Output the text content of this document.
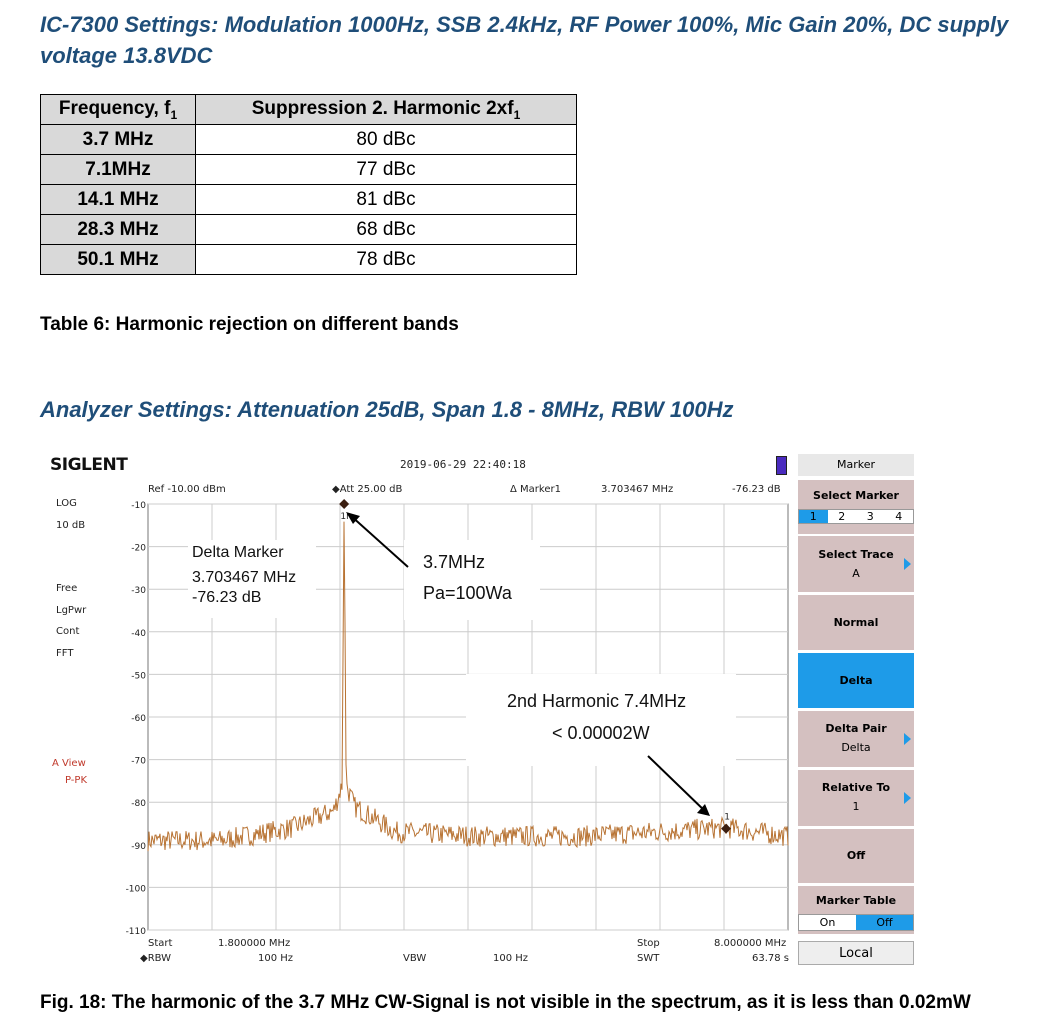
IC-7300 Settings: Modulation 1000Hz, SSB 2.4kHz, RF Power 100%, Mic Gain 20%, DC supply
voltage 13.8VDC
Frequency, $f_1$	Suppression 2. Harmonic $2xf_1$
3.7 MHz	80 dBc
7.1MHz	77 dBc
14.1 MHz	81 dBc
28.3 MHz	68 dBc
50.1 MHz	78 dBc
Table 6: Harmonic rejection on different bands
Analyzer Settings: Attenuation 25dB, Span 1.8 - 8MHz, RBW 100Hz
SIGLENT	2019-06-29 22:40:18
Ref -10.00 dBm	◆Att 25.00 dB	Δ Marker1	3.703467 MHz	-76.23 dB
LOG
10 dB
Free
LgPwr
Cont
FFT
A View
P-PK
-10
-20
-30
-40
-50
-60
-70
-80
-90
-100
-110
1r
1
Delta Marker
3.703467 MHz
-76.23 dB
3.7MHz
Pa=100Wa
2nd Harmonic 7.4MHz
< 0.00002W
Start	1.800000 MHz
◆RBW	100 Hz	VBW	100 Hz
Stop	8.000000 MHz
SWT	63.78 s
Marker
Select Marker
1	2	3	4
Select Trace
A
Normal
Delta
Delta Pair
Delta
Relative To
1
Off
Marker Table
On	Off
Local
Fig. 18: The harmonic of the 3.7 MHz CW-Signal is not visible in the spectrum, as it is less than 0.02mW
